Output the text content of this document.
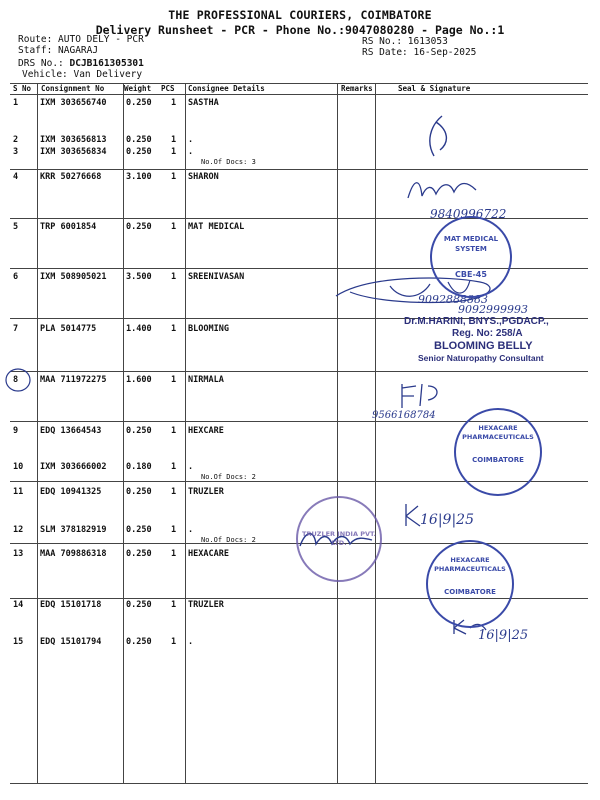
THE PROFESSIONAL COURIERS, COIMBATORE
Delivery Runsheet - PCR - Phone No.:9047080280 - Page No.:1
Route: AUTO DELY - PCR
Staff: NAGARAJ
DRS No.: DCJB161305301
Vehicle: Van Delivery
RS No.: 1613053
RS Date: 16-Sep-2025
S No Consignment No	Weight PCS Consignee Details	Remarks	Seal & Signature
1	IXM 303656740 0.250 1 SASTHA
2	IXM 303656813 0.250 1 .
3	IXM 303656834 0.250 1 .
No.Of Docs: 3
4	KRR 50276668	3.100 1 SHARON
5	TRP 6001854	0.250 1 MAT MEDICAL
6	IXM 508905021 3.500 1 SREENIVASAN
7	PLA 5014775	1.400 1 BLOOMING
8	MAA 711972275 1.600 1 NIRMALA
9	EDQ 13664543	0.250 1 HEXCARE
10 IXM 303666002 0.180 1 .
No.Of Docs: 2
11 EDQ 10941325	0.250 1 TRUZLER
12 SLM 378182919 0.250 1 .
No.Of Docs: 2
13 MAA 709886318 0.250 1 HEXACARE
14 EDQ 15101718	0.250 1 TRUZLER
15 EDQ 15101794	0.250 1 .
9840996722
9092888883
9092999993
9566168784
16|9|25
16|9|25
MAT MEDICAL SYSTEM
CBE-45
HEXACARE PHARMACEUTICALS
COIMBATORE
TRUZLER INDIA PVT. LTD.
HEXACARE PHARMACEUTICALS
COIMBATORE
Dr.M.HARINI, BNYS.,PGDACP.,
Reg. No: 258/A
BLOOMING BELLY
Senior Naturopathy Consultant
